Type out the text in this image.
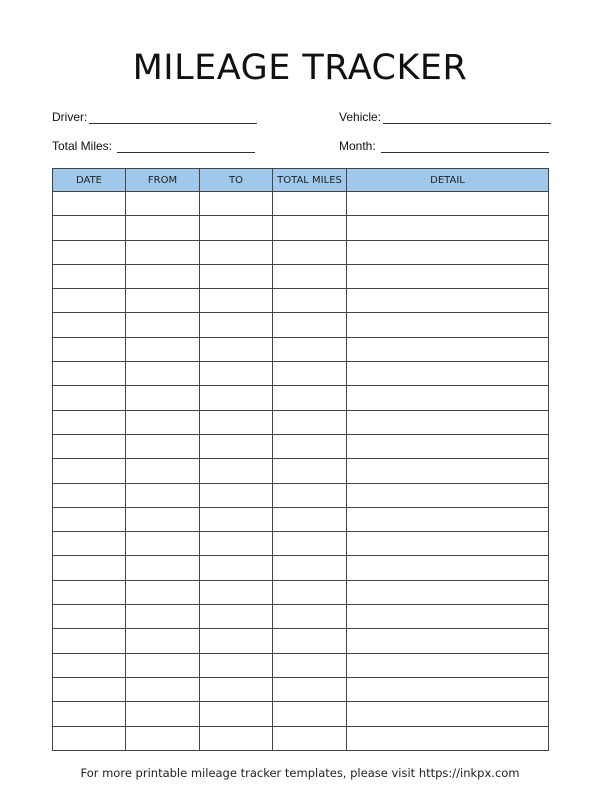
MILEAGE TRACKER
Driver:	Vehicle:
Total Miles:	Month:
DATE	FROM	TO	TOTAL MILES	DETAIL

For more printable mileage tracker templates, please visit https://inkpx.com
